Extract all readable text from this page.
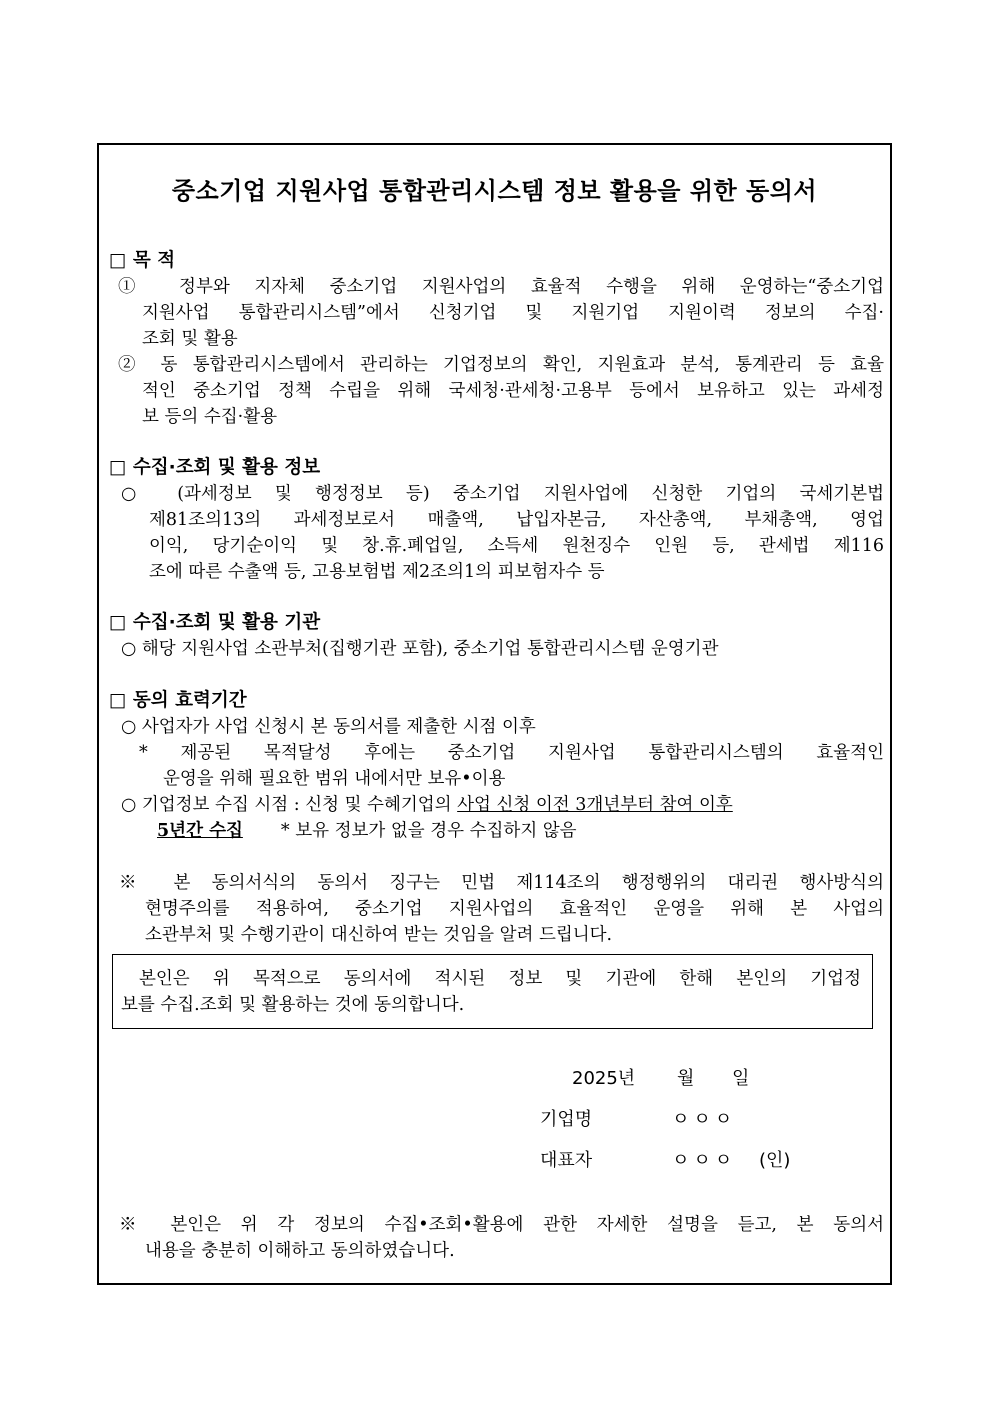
중소기업 지원사업 통합관리시스템 정보 활용을 위한 동의서
□ 목 적
① 정부와 지자체 중소기업 지원사업의 효율적 수행을 위해 운영하는“중소기업
지원사업 통합관리시스템”에서 신청기업 및 지원기업 지원이력 정보의 수집·
조회 및 활용
② 동 통합관리시스템에서 관리하는 기업정보의 확인, 지원효과 분석, 통계관리 등 효율
적인 중소기업 정책 수립을 위해 국세청·관세청·고용부 등에서 보유하고 있는 과세정
보 등의 수집·활용
□ 수집·조회 및 활용 정보
○ (과세정보 및 행정정보 등) 중소기업 지원사업에 신청한 기업의 국세기본법
제81조의13의 과세정보로서 매출액, 납입자본금, 자산총액, 부채총액, 영업
이익, 당기순이익 및 창.휴.폐업일, 소득세 원천징수 인원 등, 관세법 제116
조에 따른 수출액 등, 고용보험법 제2조의1의 피보험자수 등
□ 수집·조회 및 활용 기관
○ 해당 지원사업 소관부처(집행기관 포함), 중소기업 통합관리시스템 운영기관
□ 동의 효력기간
○ 사업자가 사업 신청시 본 동의서를 제출한 시점 이후
* 제공된 목적달성 후에는 중소기업 지원사업 통합관리시스템의 효율적인
운영을 위해 필요한 범위 내에서만 보유•이용
○ 기업정보 수집 시점 : 신청 및 수혜기업의 사업 신청 이전 3개년부터 참여 이후
5년간 수집 * 보유 정보가 없을 경우 수집하지 않음
※ 본 동의서식의 동의서 징구는 민법 제114조의 행정행위의 대리권 행사방식의
현명주의를 적용하여, 중소기업 지원사업의 효율적인 운영을 위해 본 사업의
소관부처 및 수행기관이 대신하여 받는 것임을 알려 드립니다.
본인은 위 목적으로 동의서에 적시된 정보 및 기관에 한해 본인의 기업정
보를 수집.조회 및 활용하는 것에 동의합니다.
2025년 월 일
기업명	ㅇㅇㅇ
대표자	ㅇㅇㅇ (인)
※ 본인은 위 각 정보의 수집•조회•활용에 관한 자세한 설명을 듣고, 본 동의서
내용을 충분히 이해하고 동의하였습니다.
